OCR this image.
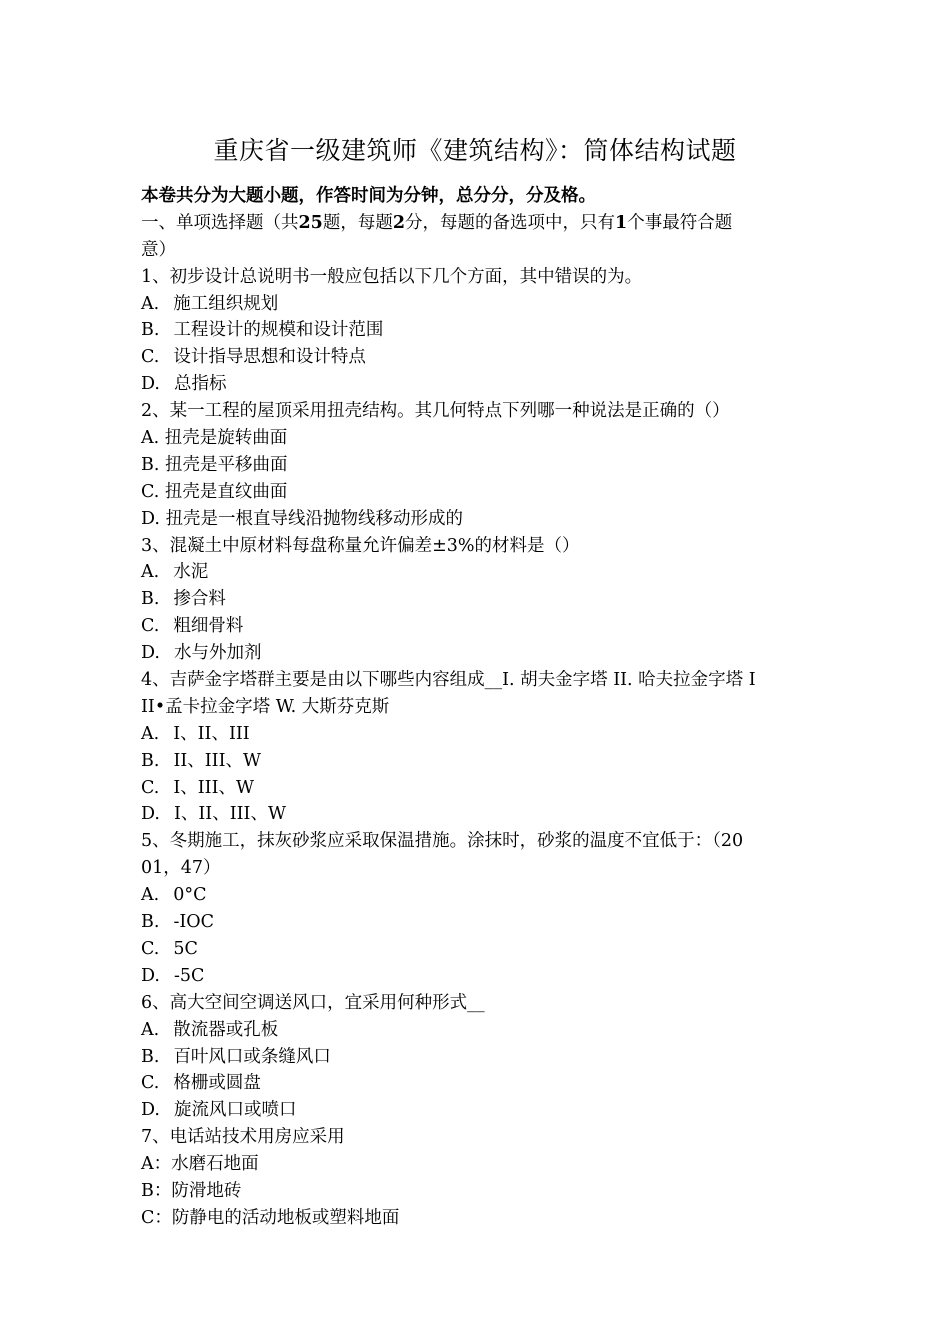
重庆省一级建筑师《建筑结构》：筒体结构试题
本卷共分为大题小题，作答时间为分钟，总分分，分及格。
一、单项选择题（共25题，每题2分，每题的备选项中，只有1个事最符合题
意）
1、初步设计总说明书一般应包括以下几个方面，其中错误的为。
A. 施工组织规划
B. 工程设计的规模和设计范围
C. 设计指导思想和设计特点
D. 总指标
2、某一工程的屋顶采用扭壳结构。其几何特点下列哪一种说法是正确的（）
A. 扭壳是旋转曲面
B. 扭壳是平移曲面
C. 扭壳是直纹曲面
D. 扭壳是一根直导线沿抛物线移动形成的
3、混凝土中原材料每盘称量允许偏差±3%的材料是（）
A. 水泥
B. 掺合料
C. 粗细骨料
D. 水与外加剂
4、吉萨金字塔群主要是由以下哪些内容组成__I. 胡夫金字塔 II. 哈夫拉金字塔 I
II•孟卡拉金字塔 W. 大斯芬克斯
A. I、II、III
B. II、III、W
C. I、III、W
D. I、II、III、W
5、冬期施工，抹灰砂浆应采取保温措施。涂抹时，砂浆的温度不宜低于：（20
01，47）
A. 0°C
B. -IOC
C. 5C
D. -5C
6、高大空间空调送风口，宜采用何种形式__
A. 散流器或孔板
B. 百叶风口或条缝风口
C. 格栅或圆盘
D. 旋流风口或喷口
7、电话站技术用房应采用
A：水磨石地面
B：防滑地砖
C：防静电的活动地板或塑料地面
